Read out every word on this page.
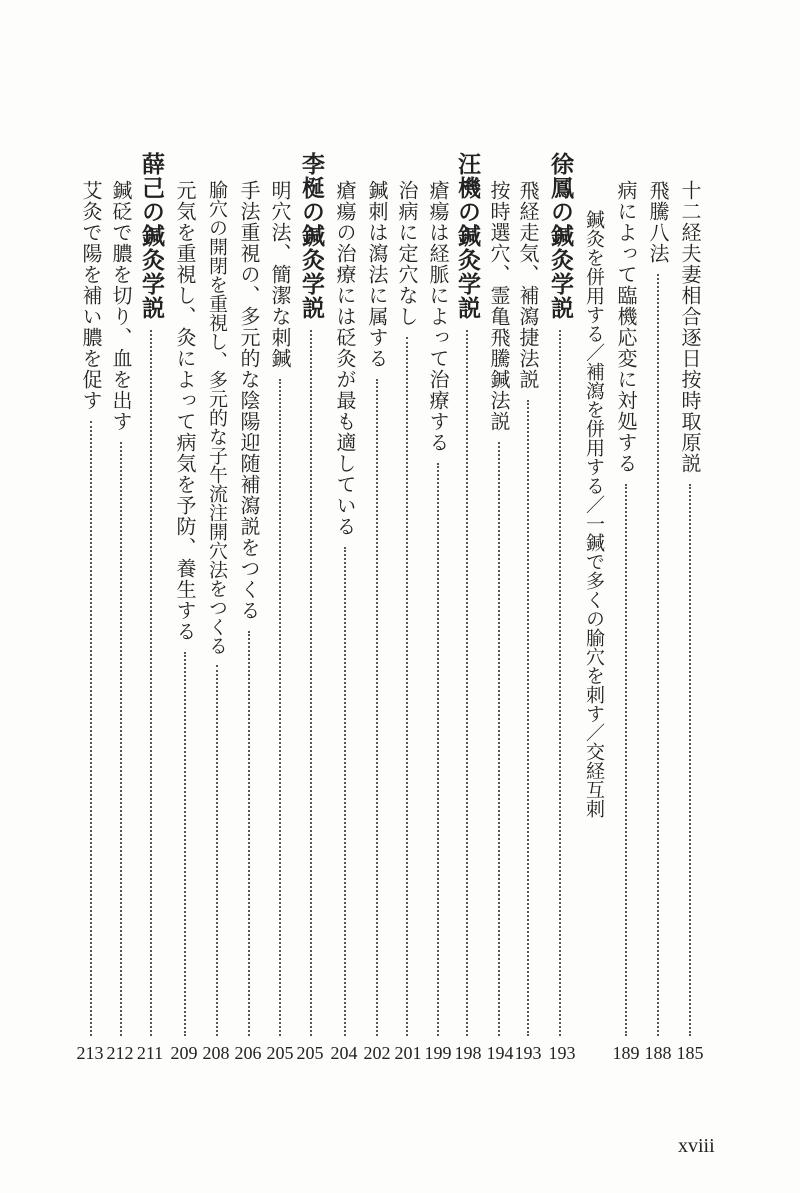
十二経夫妻相合逐日按時取原説
185
飛騰八法
188
病によって臨機応変に対処する
189
鍼灸を併用する／補瀉を併用する／一鍼で多くの腧穴を刺す／交経互刺
徐鳳の鍼灸学説
193
飛経走気、補瀉捷法説
193
按時選穴、霊亀飛騰鍼法説
194
汪機の鍼灸学説
198
瘡瘍は経脈によって治療する
199
治病に定穴なし
201
鍼刺は瀉法に属する
202
瘡瘍の治療には砭灸が最も適している
204
李梴の鍼灸学説
205
明穴法、簡潔な刺鍼
205
手法重視の、多元的な陰陽迎随補瀉説をつくる
206
腧穴の開閉を重視し、多元的な子午流注開穴法をつくる
208
元気を重視し、灸によって病気を予防、養生する
209
薛己の鍼灸学説
211
鍼砭で膿を切り、血を出す
212
艾灸で陽を補い膿を促す
213
xviii
